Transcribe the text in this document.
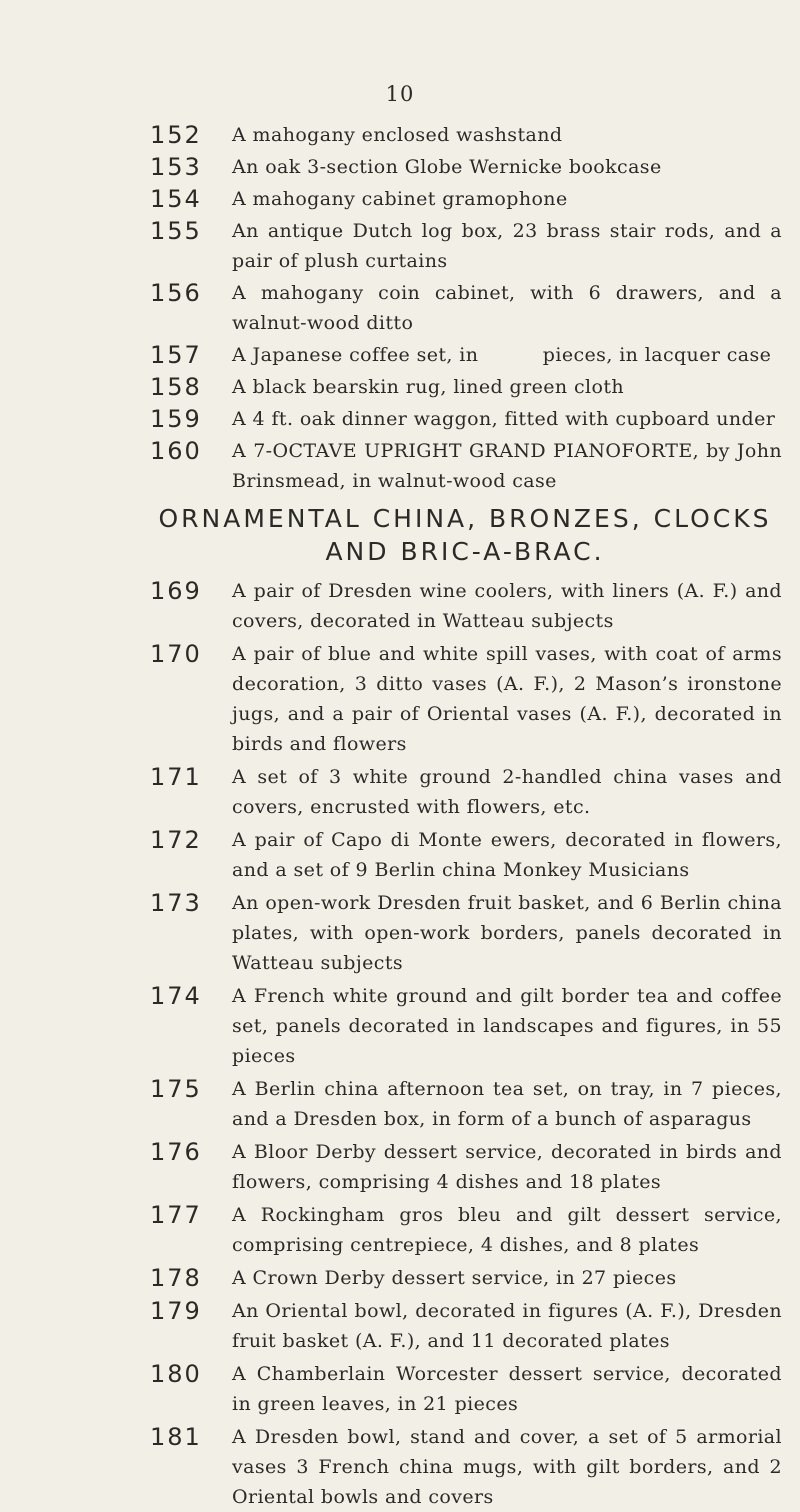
10
ORNAMENTAL CHINA, BRONZES, CLOCKS AND BRIC-A-BRAC.
152 A mahogany enclosed washstand
153 An oak 3-section Globe Wernicke bookcase
154 A mahogany cabinet gramophone
155 An antique Dutch log box, 23 brass stair rods, and a pair of plush curtains
156 A mahogany coin cabinet, with 6 drawers, and a walnut-wood ditto
157 A Japanese coffee set, in          pieces, in lacquer case
158 A black bearskin rug, lined green cloth
159 A 4 ft. oak dinner waggon, fitted with cupboard under
160 A 7-OCTAVE UPRIGHT GRAND PIANOFORTE, by John Brinsmead, in walnut-wood case
169 A pair of Dresden wine coolers, with liners (A. F.) and covers, decorated in Watteau subjects
170 A pair of blue and white spill vases, with coat of arms decoration, 3 ditto vases (A. F.), 2 Mason’s ironstone jugs, and a pair of Oriental vases (A. F.), decorated in birds and flowers
171 A set of 3 white ground 2-handled china vases and covers, encrusted with flowers, etc.
172 A pair of Capo di Monte ewers, decorated in flowers, and a set of 9 Berlin china Monkey Musicians
173 An open-work Dresden fruit basket, and 6 Berlin china plates, with open-work borders, panels decorated in Watteau subjects
174 A French white ground and gilt border tea and coffee set, panels decorated in landscapes and figures, in 55 pieces
175 A Berlin china afternoon tea set, on tray, in 7 pieces, and a Dresden box, in form of a bunch of asparagus
176 A Bloor Derby dessert service, decorated in birds and flowers, comprising 4 dishes and 18 plates
177 A Rockingham gros bleu and gilt dessert service, comprising centrepiece, 4 dishes, and 8 plates
178 A Crown Derby dessert service, in 27 pieces
179 An Oriental bowl, decorated in figures (A. F.), Dresden fruit basket (A. F.), and 11 decorated plates
180 A Chamberlain Worcester dessert service, decorated in green leaves, in 21 pieces
181 A Dresden bowl, stand and cover, a set of 5 armorial vases 3 French china mugs, with gilt borders, and 2 Oriental bowls and covers
